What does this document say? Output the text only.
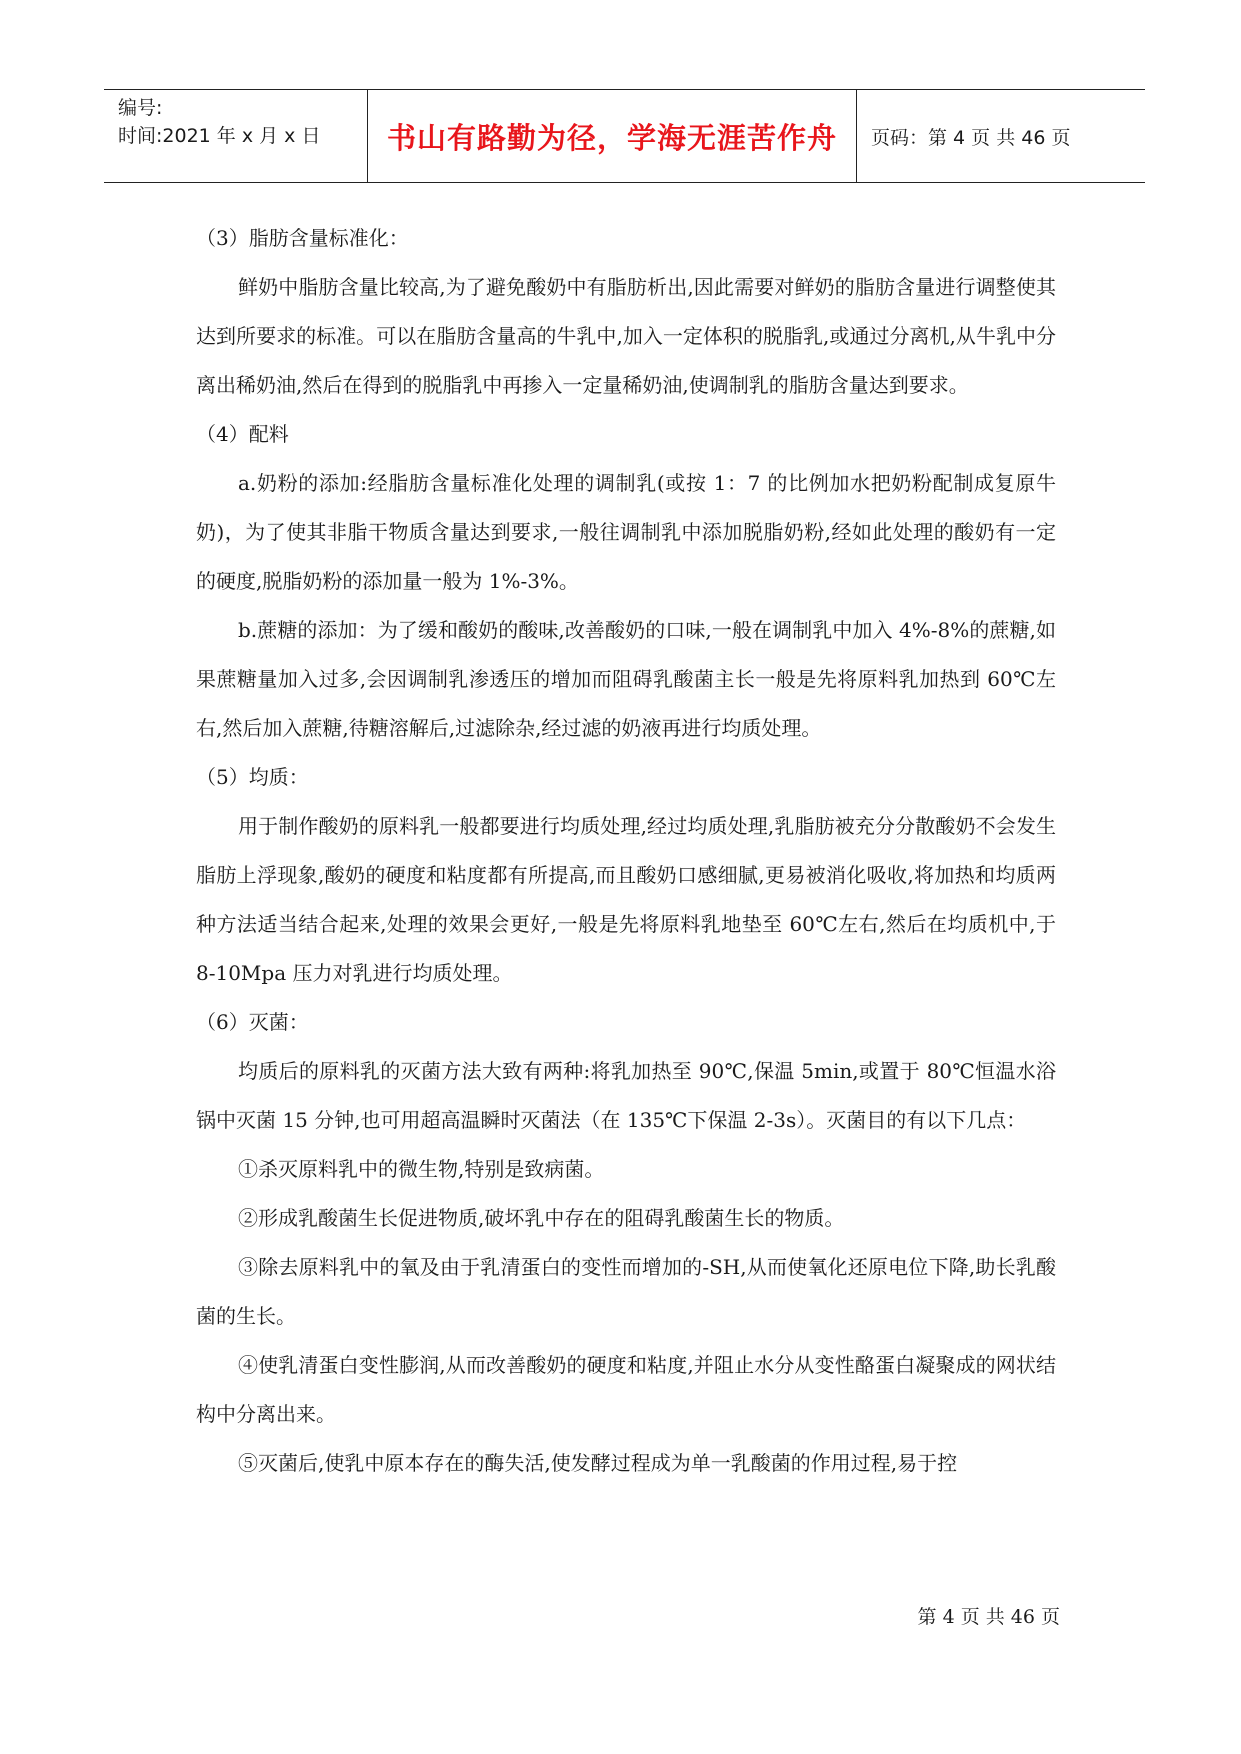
编号:
时间:2021 年 x 月 x 日	书山有路勤为径，学海无涯苦作舟 页码：第 4 页 共 46 页

（3）脂肪含量标准化：

鲜奶中脂肪含量比较高,为了避免酸奶中有脂肪析出,因此需要对鲜奶的脂肪含量进行调整使其达到所要求的标准。可以在脂肪含量高的牛乳中,加入一定体积的脱脂乳,或通过分离机,从牛乳中分离出稀奶油,然后在得到的脱脂乳中再掺入一定量稀奶油,使调制乳的脂肪含量达到要求。

（4）配料

a.奶粉的添加:经脂肪含量标准化处理的调制乳(或按 1：7 的比例加水把奶粉配制成复原牛奶)，为了使其非脂干物质含量达到要求,一般往调制乳中添加脱脂奶粉,经如此处理的酸奶有一定的硬度,脱脂奶粉的添加量一般为 1%-3%。

b.蔗糖的添加：为了缓和酸奶的酸味,改善酸奶的口味,一般在调制乳中加入 4%-8%的蔗糖,如果蔗糖量加入过多,会因调制乳渗透压的增加而阻碍乳酸菌主长一般是先将原料乳加热到 60℃左右,然后加入蔗糖,待糖溶解后,过滤除杂,经过滤的奶液再进行均质处理。

（5）均质：

用于制作酸奶的原料乳一般都要进行均质处理,经过均质处理,乳脂肪被充分分散酸奶不会发生脂肪上浮现象,酸奶的硬度和粘度都有所提高,而且酸奶口感细腻,更易被消化吸收,将加热和均质两种方法适当结合起来,处理的效果会更好,一般是先将原料乳地垫至 60℃左右,然后在均质机中,于 8-10Mpa 压力对乳进行均质处理。

（6）灭菌：

均质后的原料乳的灭菌方法大致有两种:将乳加热至 90℃,保温 5min,或置于 80℃恒温水浴锅中灭菌 15 分钟,也可用超高温瞬时灭菌法（在 135℃下保温 2-3s）。灭菌目的有以下几点：

①杀灭原料乳中的微生物,特别是致病菌。

②形成乳酸菌生长促进物质,破坏乳中存在的阻碍乳酸菌生长的物质。

③除去原料乳中的氧及由于乳清蛋白的变性而增加的-SH,从而使氧化还原电位下降,助长乳酸菌的生长。

④使乳清蛋白变性膨润,从而改善酸奶的硬度和粘度,并阻止水分从变性酪蛋白凝聚成的网状结构中分离出来。

⑤灭菌后,使乳中原本存在的酶失活,使发酵过程成为单一乳酸菌的作用过程,易于控

第 4 页 共 46 页
